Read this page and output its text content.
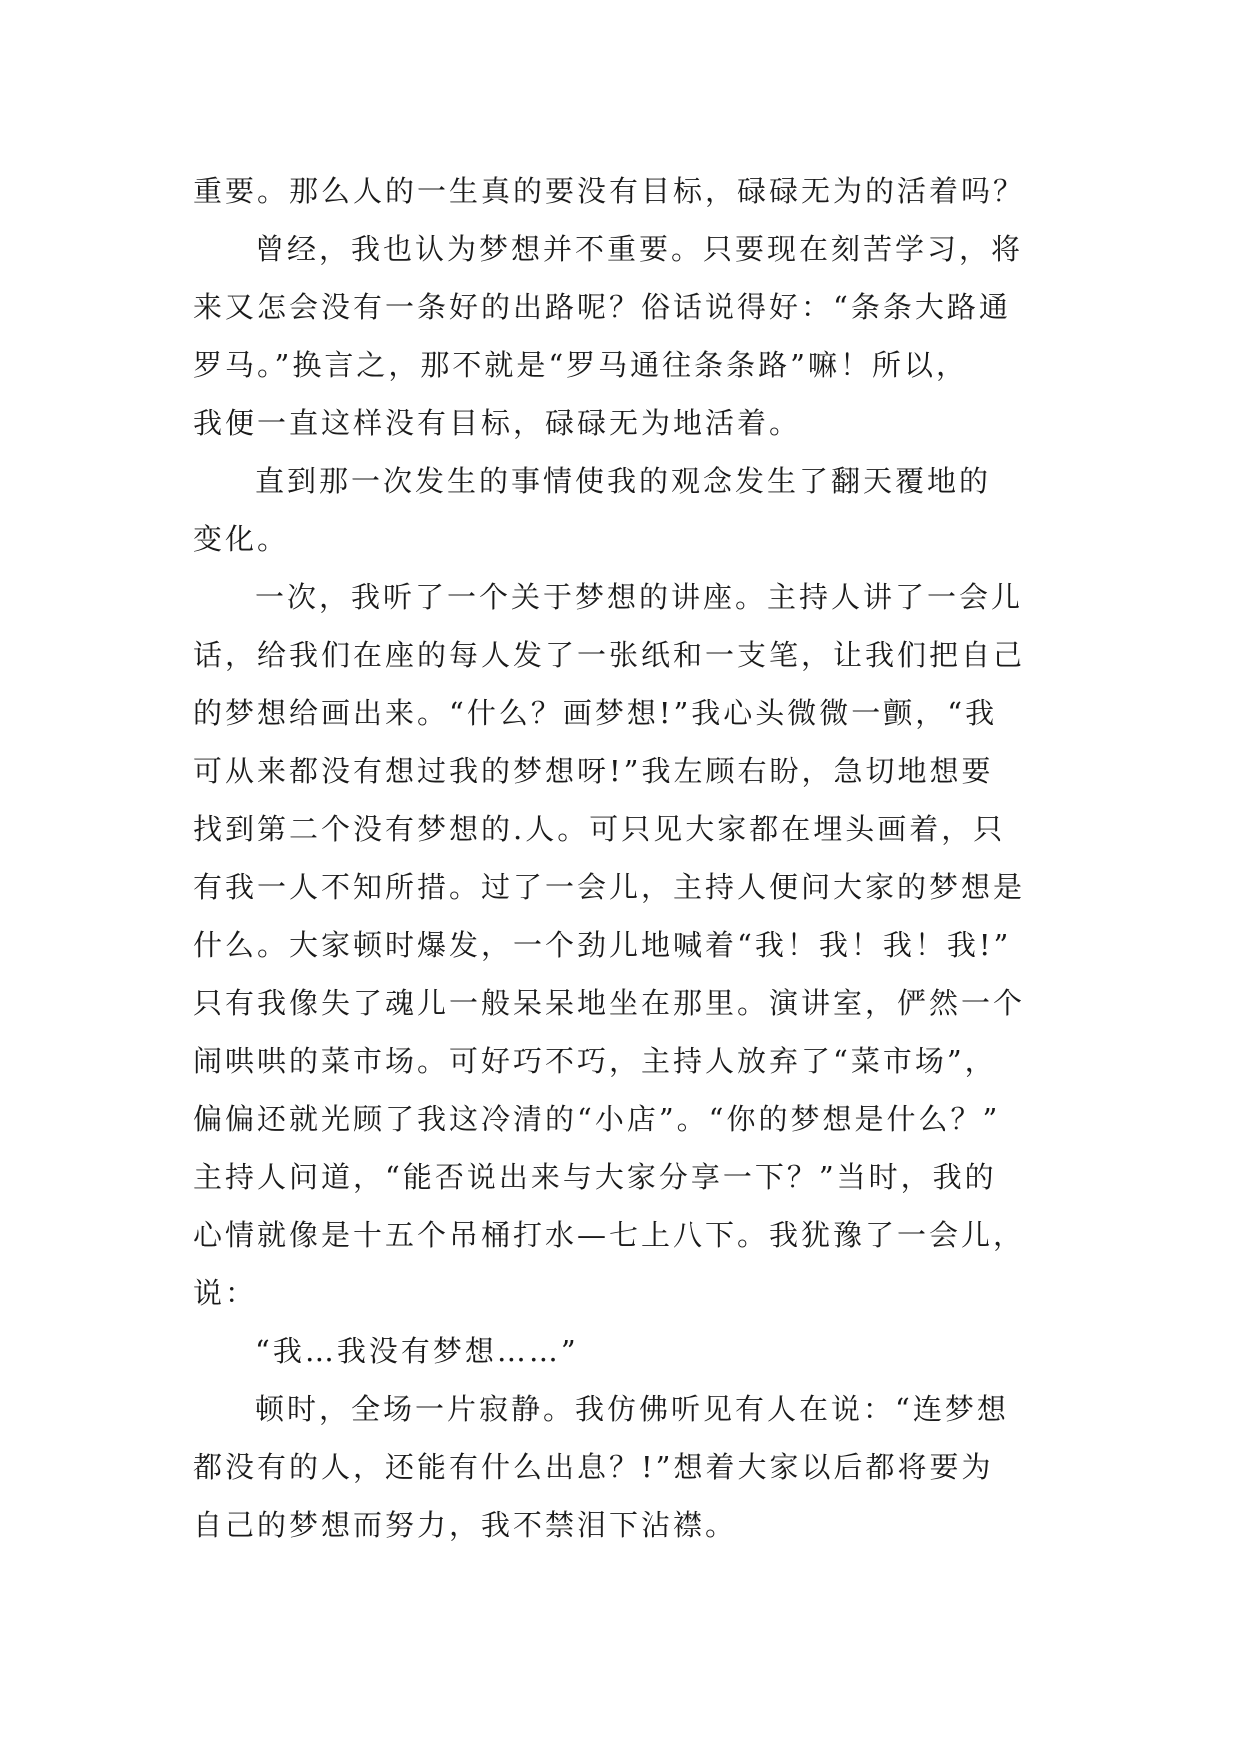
重要。那么人的一生真的要没有目标，碌碌无为的活着吗？
曾经，我也认为梦想并不重要。只要现在刻苦学习，将
来又怎会没有一条好的出路呢？俗话说得好：“条条大路通
罗马。”换言之，那不就是“罗马通往条条路”嘛！所以，
我便一直这样没有目标，碌碌无为地活着。
直到那一次发生的事情使我的观念发生了翻天覆地的
变化。
一次，我听了一个关于梦想的讲座。主持人讲了一会儿
话，给我们在座的每人发了一张纸和一支笔，让我们把自己
的梦想给画出来。“什么？画梦想!”我心头微微一颤，“我
可从来都没有想过我的梦想呀!”我左顾右盼，急切地想要
找到第二个没有梦想的.人。可只见大家都在埋头画着，只
有我一人不知所措。过了一会儿，主持人便问大家的梦想是
什么。大家顿时爆发，一个劲儿地喊着“我！我！我！我!”
只有我像失了魂儿一般呆呆地坐在那里。演讲室，俨然一个
闹哄哄的菜市场。可好巧不巧，主持人放弃了“菜市场”，
偏偏还就光顾了我这冷清的“小店”。“你的梦想是什么？”
主持人问道，“能否说出来与大家分享一下？”当时，我的
心情就像是十五个吊桶打水—七上八下。我犹豫了一会儿，
说：
“我…我没有梦想……”
顿时，全场一片寂静。我仿佛听见有人在说：“连梦想
都没有的人，还能有什么出息？!”想着大家以后都将要为
自己的梦想而努力，我不禁泪下沾襟。
